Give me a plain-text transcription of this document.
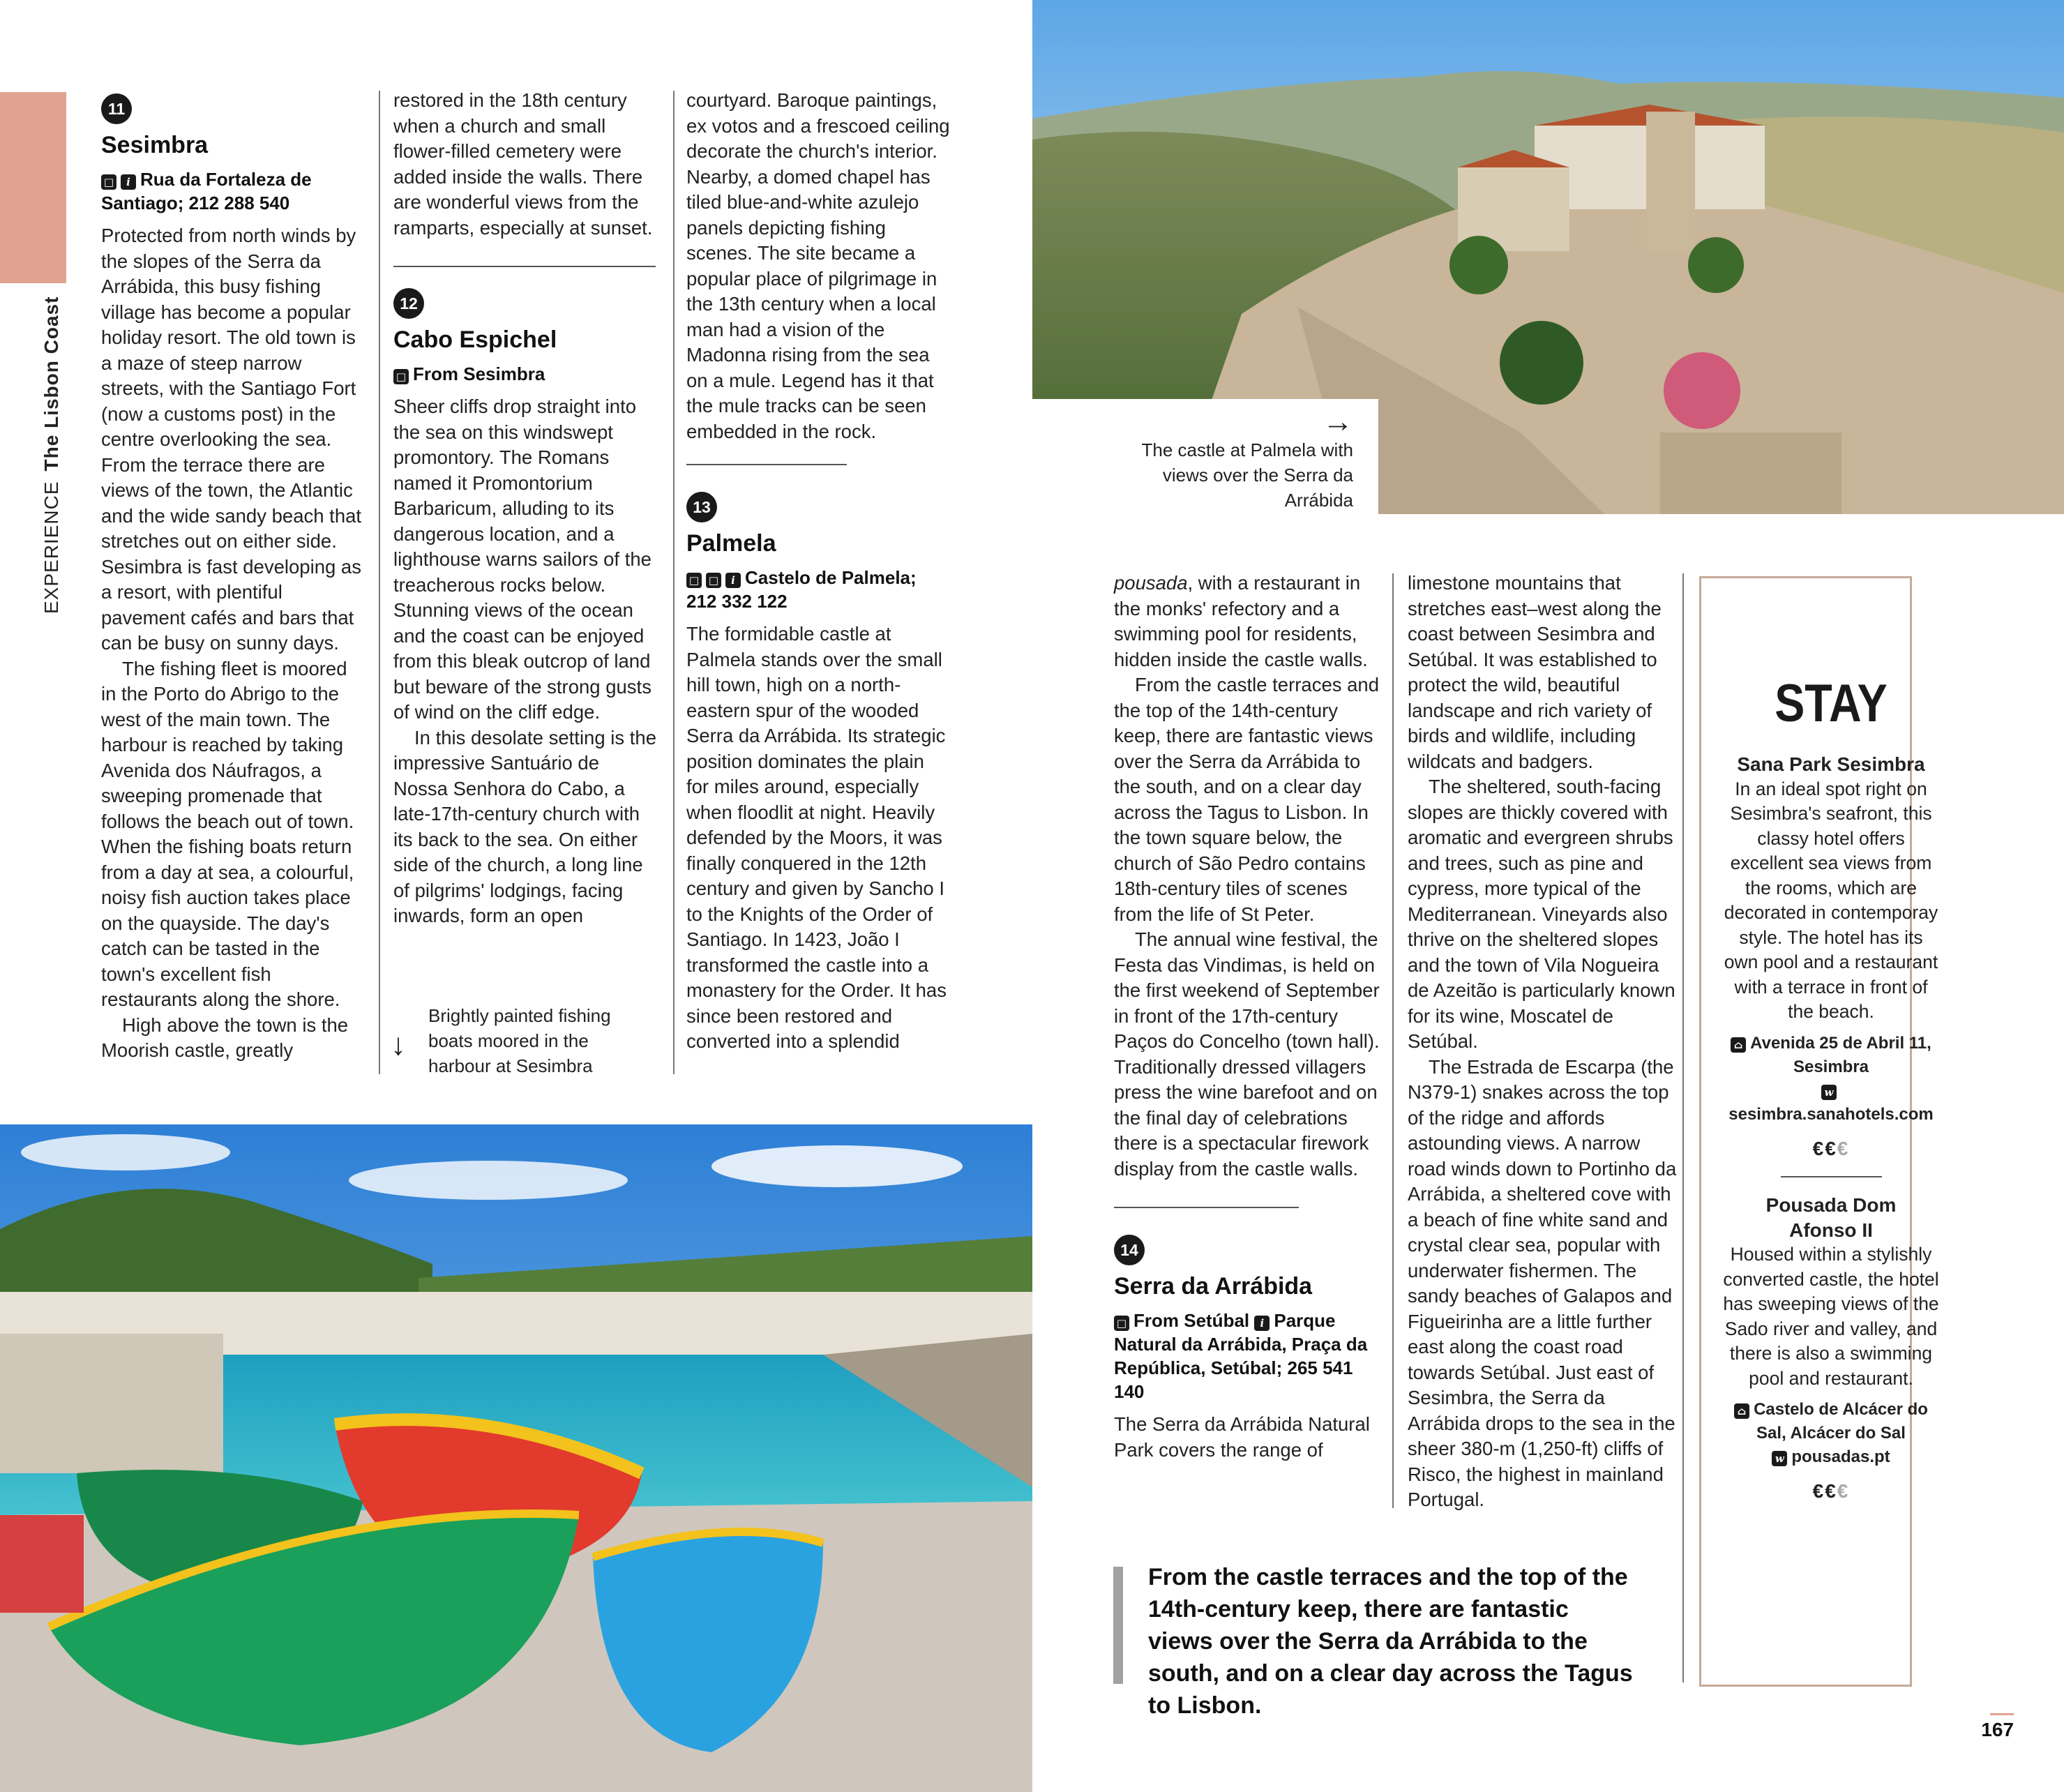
EXPERIENCEThe Lisbon Coast
11
Sesimbra
□ i Rua da Fortaleza de Santiago; 212 288 540

Protected from north winds by the slopes of the Serra da Arrábida, this busy fishing village has become a popular holiday resort. The old town is a maze of steep narrow streets, with the Santiago Fort (now a customs post) in the centre overlooking the sea. From the terrace there are views of the town, the Atlantic and the wide sandy beach that stretches out on either side. Sesimbra is fast developing as a resort, with plentiful pavement cafés and bars that can be busy on sunny days.

The fishing fleet is moored in the Porto do Abrigo to the west of the main town. The harbour is reached by taking Avenida dos Náufragos, a sweeping promenade that follows the beach out of town. When the fishing boats return from a day at sea, a colourful, noisy fish auction takes place on the quayside. The day's catch can be tasted in the town's excellent fish restaurants along the shore.

High above the town is the Moorish castle, greatly

restored in the 18th century when a church and small flower-filled cemetery were added inside the walls. There are wonderful views from the ramparts, especially at sunset.

12
Cabo Espichel
□ From Sesimbra

Sheer cliffs drop straight into the sea on this windswept promontory. The Romans named it Promontorium Barbaricum, alluding to its dangerous location, and a lighthouse warns sailors of the treacherous rocks below. Stunning views of the ocean and the coast can be enjoyed from this bleak outcrop of land but beware of the strong gusts of wind on the cliff edge.

In this desolate setting is the impressive Santuário de Nossa Senhora do Cabo, a late-17th-century church with its back to the sea. On either side of the church, a long line of pilgrims' lodgings, facing inwards, form an open

↓
Brightly painted fishing boats moored in the harbour at Sesimbra

courtyard. Baroque paintings, ex votos and a frescoed ceiling decorate the church's interior. Nearby, a domed chapel has tiled blue-and-white azulejo panels depicting fishing scenes. The site became a popular place of pilgrimage in the 13th century when a local man had a vision of the Madonna rising from the sea on a mule. Legend has it that the mule tracks can be seen embedded in the rock.

13
Palmela
□ □ i Castelo de Palmela; 212 332 122

The formidable castle at Palmela stands over the small hill town, high on a north-eastern spur of the wooded Serra da Arrábida. Its strategic position dominates the plain for miles around, especially when floodlit at night. Heavily defended by the Moors, it was finally conquered in the 12th century and given by Sancho I to the Knights of the Order of Santiago. In 1423, João I transformed the castle into a monastery for the Order. It has since been restored and converted into a splendid

→
The castle at Palmela with views over the Serra da Arrábida

pousada, with a restaurant in the monks' refectory and a swimming pool for residents, hidden inside the castle walls.

From the castle terraces and the top of the 14th-century keep, there are fantastic views over the Serra da Arrábida to the south, and on a clear day across the Tagus to Lisbon. In the town square below, the church of São Pedro contains 18th-century tiles of scenes from the life of St Peter.

The annual wine festival, the Festa das Vindimas, is held on the first weekend of September in front of the 17th-century Paços do Concelho (town hall). Traditionally dressed villagers press the wine barefoot and on the final day of celebrations there is a spectacular firework display from the castle walls.

14
Serra da Arrábida
□ From Setúbal i Parque Natural da Arrábida, Praça da República, Setúbal; 265 541 140

The Serra da Arrábida Natural Park covers the range of

limestone mountains that stretches east–west along the coast between Sesimbra and Setúbal. It was established to protect the wild, beautiful landscape and rich variety of birds and wildlife, including wildcats and badgers.

The sheltered, south-facing slopes are thickly covered with aromatic and evergreen shrubs and trees, such as pine and cypress, more typical of the Mediterranean. Vineyards also thrive on the sheltered slopes and the town of Vila Nogueira de Azeitão is particularly known for its wine, Moscatel de Setúbal.

The Estrada de Escarpa (the N379-1) snakes across the top of the ridge and affords astounding views. A narrow road winds down to Portinho da Arrábida, a sheltered cove with a beach of fine white sand and crystal clear sea, popular with underwater fishermen. The sandy beaches of Galapos and Figueirinha are a little further east along the coast road towards Setúbal. Just east of Sesimbra, the Serra da Arrábida drops to the sea in the sheer 380-m (1,250-ft) cliffs of Risco, the highest in mainland Portugal.

From the castle terraces and the top of the 14th-century keep, there are fantastic views over the Serra da Arrábida to the south, and on a clear day across the Tagus to Lisbon.
STAY
Sana Park Sesimbra
In an ideal spot right on Sesimbra's seafront, this classy hotel offers excellent sea views from the rooms, which are decorated in contemporay style. The hotel has its own pool and a restaurant with a terrace in front of the beach.
⌂ Avenida 25 de Abril 11, Sesimbra
wsesimbra.sanahotels.com
€€€
Pousada Dom Afonso II
Housed within a stylishly converted castle, the hotel has sweeping views of the Sado river and valley, and there is also a swimming pool and restaurant.
⌂ Castelo de Alcácer do Sal, Alcácer do Sal
w pousadas.pt
€€€
167
